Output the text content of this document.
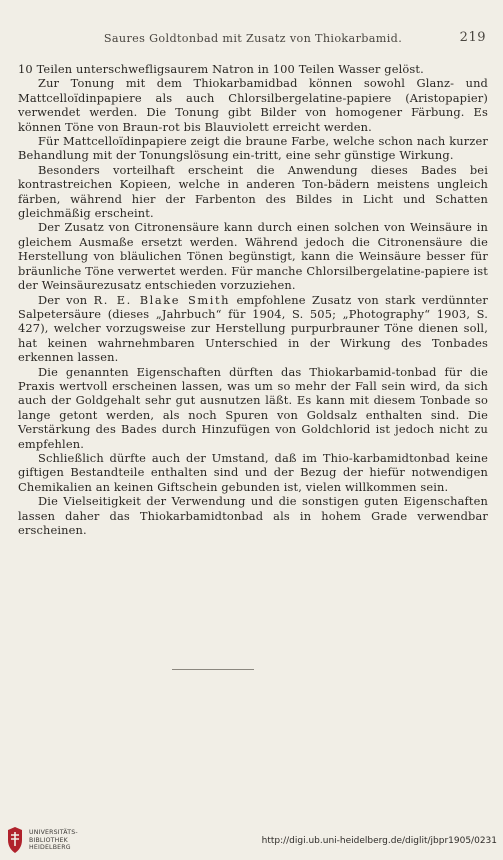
Saures Goldtonbad mit Zusatz von Thiokarbamid.	219

10 Teilen unterschwefligsaurem Natron in 100 Teilen Wasser gelöst.

Zur Tonung mit dem Thiokarbamidbad können sowohl Glanz- und Mattcelloïdinpapiere als auch Chlorsilbergelatine-papiere (Aristopapier) verwendet werden. Die Tonung gibt Bilder von homogener Färbung. Es können Töne von Braun-rot bis Blauviolett erreicht werden.

Für Mattcelloïdinpapiere zeigt die braune Farbe, welche schon nach kurzer Behandlung mit der Tonungslösung ein-tritt, eine sehr günstige Wirkung.

Besonders vorteilhaft erscheint die Anwendung dieses Bades bei kontrastreichen Kopieen, welche in anderen Ton-bädern meistens ungleich färben, während hier der Farbenton des Bildes in Licht und Schatten gleichmäßig erscheint.

Der Zusatz von Citronensäure kann durch einen solchen von Weinsäure in gleichem Ausmaße ersetzt werden. Während jedoch die Citronensäure die Herstellung von bläulichen Tönen begünstigt, kann die Weinsäure besser für bräunliche Töne verwertet werden. Für manche Chlorsilbergelatine-papiere ist der Weinsäurezusatz entschieden vorzuziehen.

Der von R. E. Blake Smith empfohlene Zusatz von stark verdünnter Salpetersäure (dieses „Jahrbuch“ für 1904, S. 505; „Photography“ 1903, S. 427), welcher vorzugsweise zur Herstellung purpurbrauner Töne dienen soll, hat keinen wahrnehmbaren Unterschied in der Wirkung des Tonbades erkennen lassen.

Die genannten Eigenschaften dürften das Thiokarbamid-tonbad für die Praxis wertvoll erscheinen lassen, was um so mehr der Fall sein wird, da sich auch der Goldgehalt sehr gut ausnutzen läßt. Es kann mit diesem Tonbade so lange getont werden, als noch Spuren von Goldsalz enthalten sind. Die Verstärkung des Bades durch Hinzufügen von Goldchlorid ist jedoch nicht zu empfehlen.

Schließlich dürfte auch der Umstand, daß im Thio-karbamidtonbad keine giftigen Bestandteile enthalten sind und der Bezug der hiefür notwendigen Chemikalien an keinen Giftschein gebunden ist, vielen willkommen sein.

Die Vielseitigkeit der Verwendung und die sonstigen guten Eigenschaften lassen daher das Thiokarbamidtonbad als in hohem Grade verwendbar erscheinen.

UNIVERSITÄTS-
BIBLIOTHEK
HEIDELBERG
http://digi.ub.uni-heidelberg.de/diglit/jbpr1905/0231
